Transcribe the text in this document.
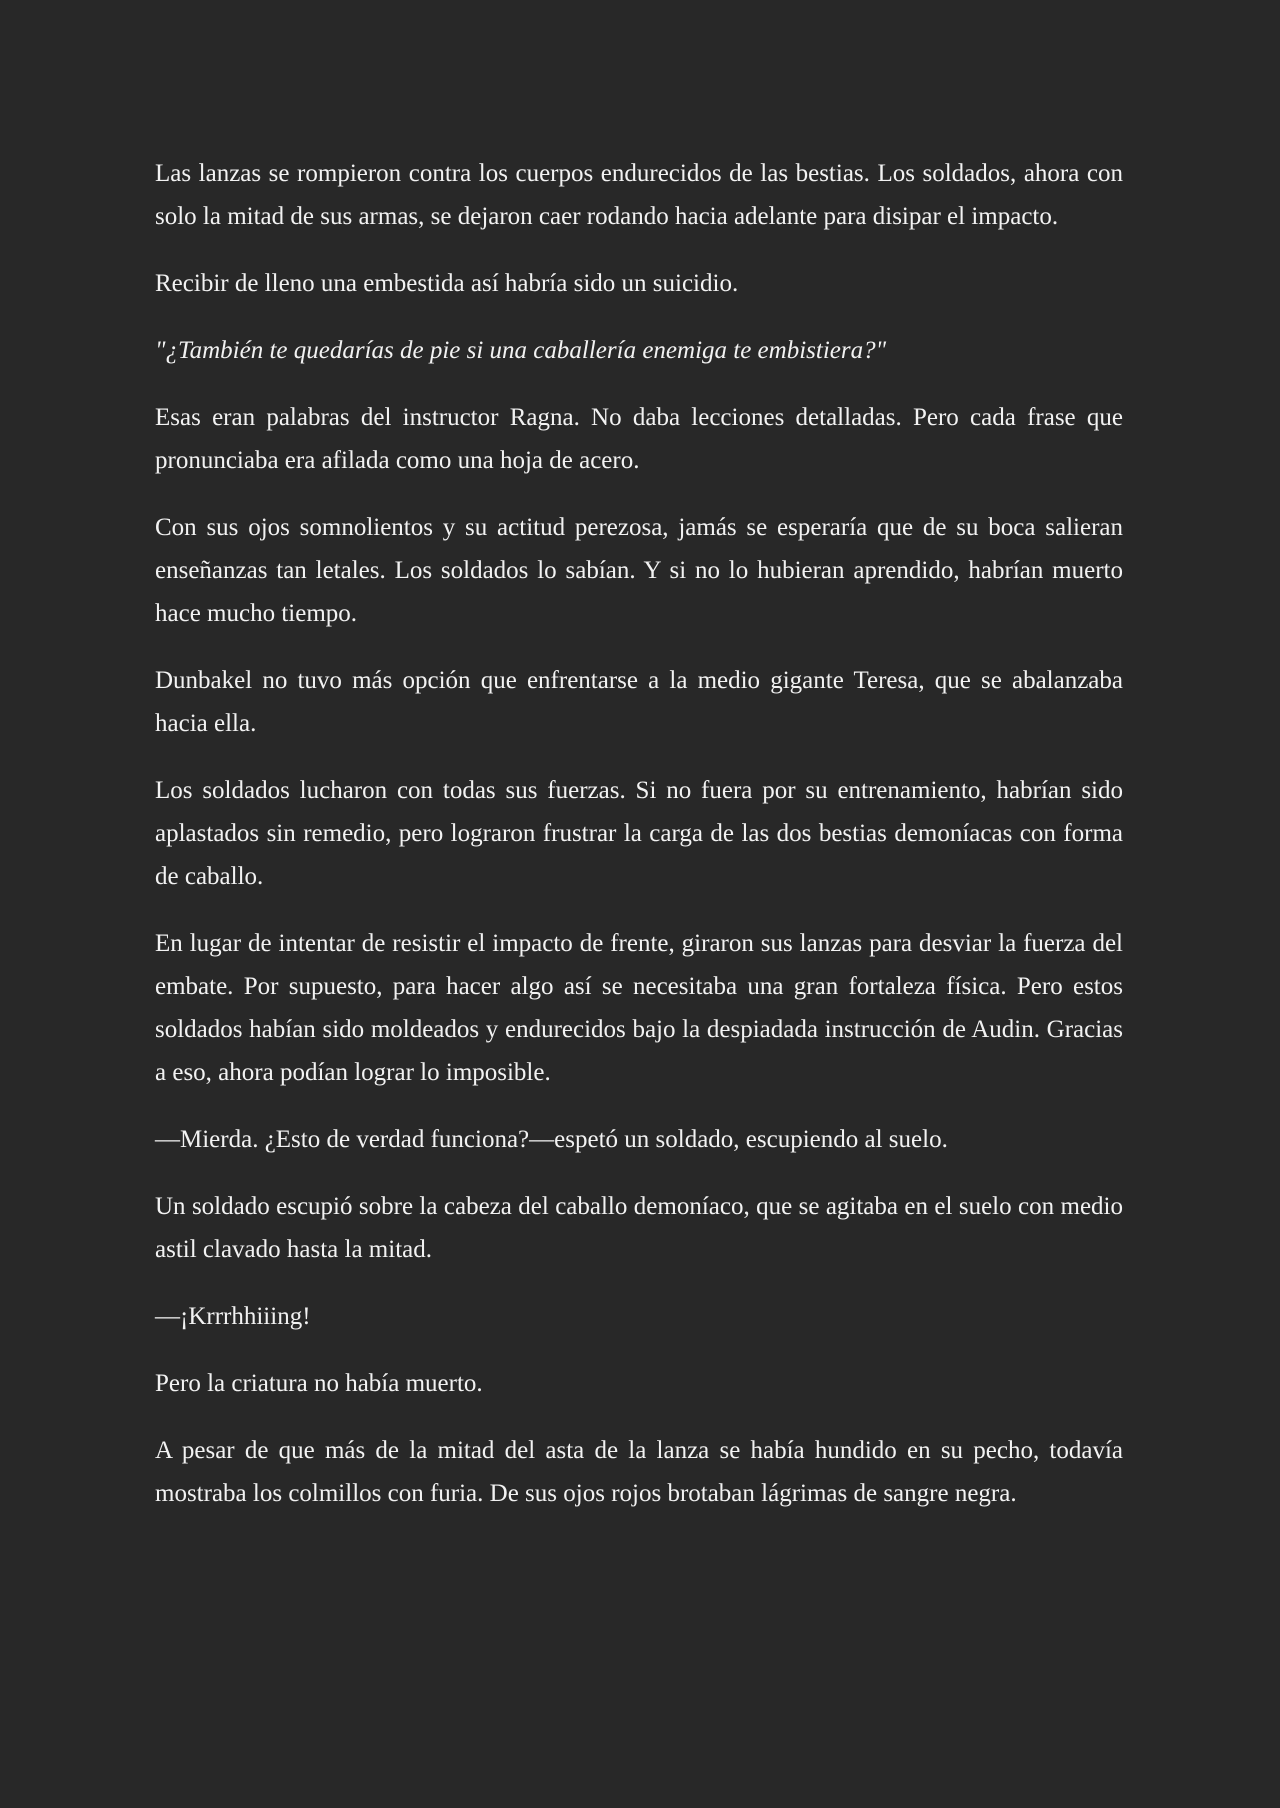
Las lanzas se rompieron contra los cuerpos endurecidos de las bestias. Los soldados, ahora con solo la mitad de sus armas, se dejaron caer rodando hacia adelante para disipar el impacto.

Recibir de lleno una embestida así habría sido un suicidio.

"¿También te quedarías de pie si una caballería enemiga te embistiera?"

Esas eran palabras del instructor Ragna. No daba lecciones detalladas. Pero cada frase que pronunciaba era afilada como una hoja de acero.

Con sus ojos somnolientos y su actitud perezosa, jamás se esperaría que de su boca salieran enseñanzas tan letales. Los soldados lo sabían. Y si no lo hubieran aprendido, habrían muerto hace mucho tiempo.

Dunbakel no tuvo más opción que enfrentarse a la medio gigante Teresa, que se abalanzaba hacia ella.

Los soldados lucharon con todas sus fuerzas. Si no fuera por su entrenamiento, habrían sido aplastados sin remedio, pero lograron frustrar la carga de las dos bestias demoníacas con forma de caballo.

En lugar de intentar de resistir el impacto de frente, giraron sus lanzas para desviar la fuerza del embate. Por supuesto, para hacer algo así se necesitaba una gran fortaleza física. Pero estos soldados habían sido moldeados y endurecidos bajo la despiadada instrucción de Audin. Gracias a eso, ahora podían lograr lo imposible.

—Mierda. ¿Esto de verdad funciona?—espetó un soldado, escupiendo al suelo.

Un soldado escupió sobre la cabeza del caballo demoníaco, que se agitaba en el suelo con medio astil clavado hasta la mitad.

—¡Krrrhhiiing!

Pero la criatura no había muerto.

A pesar de que más de la mitad del asta de la lanza se había hundido en su pecho, todavía mostraba los colmillos con furia. De sus ojos rojos brotaban lágrimas de sangre negra.
